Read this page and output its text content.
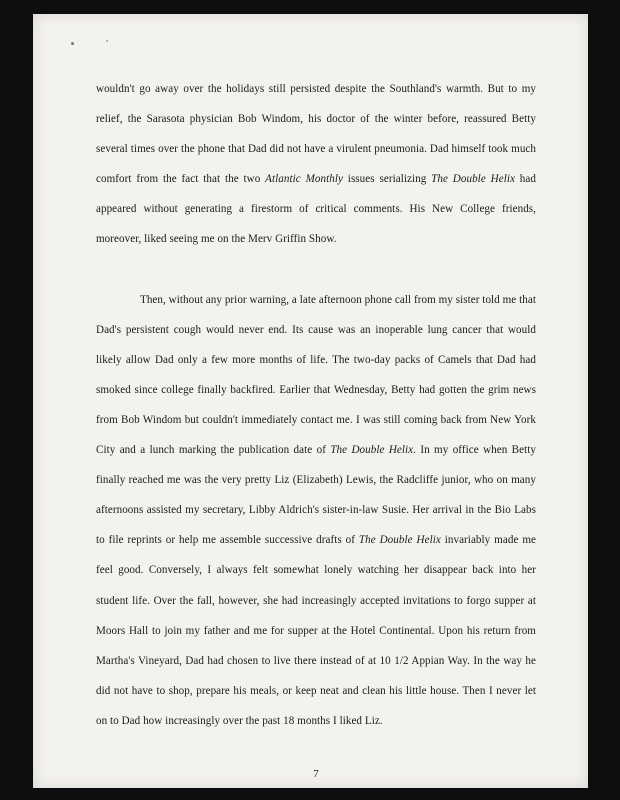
wouldn't go away over the holidays still persisted despite the Southland's warmth. But to my relief, the Sarasota physician Bob Windom, his doctor of the winter before, reassured Betty several times over the phone that Dad did not have a virulent pneumonia. Dad himself took much comfort from the fact that the two Atlantic Monthly issues serializing The Double Helix had appeared without generating a firestorm of critical comments. His New College friends, moreover, liked seeing me on the Merv Griffin Show.
Then, without any prior warning, a late afternoon phone call from my sister told me that Dad's persistent cough would never end. Its cause was an inoperable lung cancer that would likely allow Dad only a few more months of life. The two-day packs of Camels that Dad had smoked since college finally backfired. Earlier that Wednesday, Betty had gotten the grim news from Bob Windom but couldn't immediately contact me. I was still coming back from New York City and a lunch marking the publication date of The Double Helix. In my office when Betty finally reached me was the very pretty Liz (Elizabeth) Lewis, the Radcliffe junior, who on many afternoons assisted my secretary, Libby Aldrich's sister-in-law Susie. Her arrival in the Bio Labs to file reprints or help me assemble successive drafts of The Double Helix invariably made me feel good. Conversely, I always felt somewhat lonely watching her disappear back into her student life. Over the fall, however, she had increasingly accepted invitations to forgo supper at Moors Hall to join my father and me for supper at the Hotel Continental. Upon his return from Martha's Vineyard, Dad had chosen to live there instead of at 10 1/2 Appian Way. In the way he did not have to shop, prepare his meals, or keep neat and clean his little house. Then I never let on to Dad how increasingly over the past 18 months I liked Liz.
7
